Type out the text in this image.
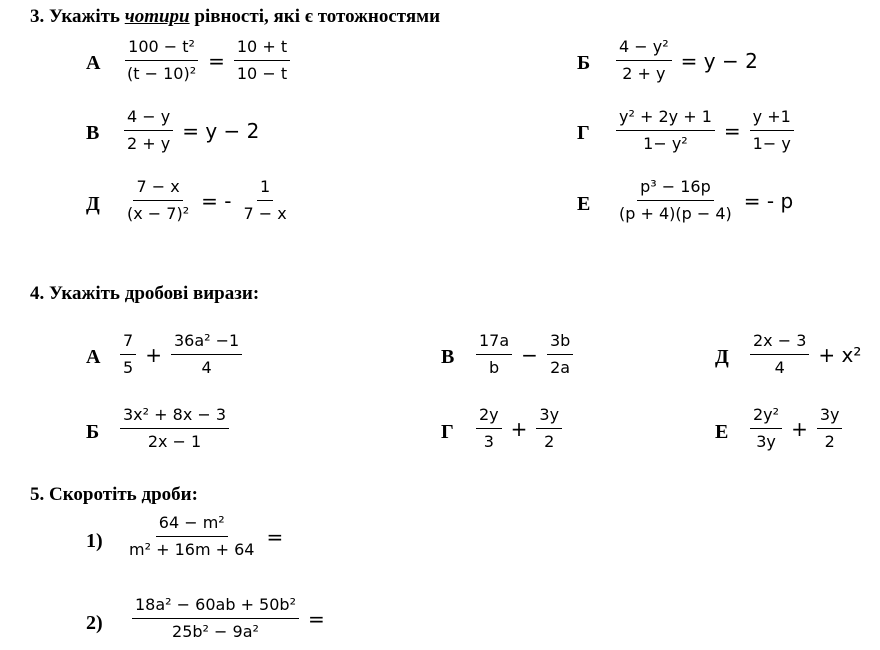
3. Укажіть чотири рівності, які є тотожностями
А $\frac{\text{100 − t²}}{\text{(t − 10)²}} = \frac{10 + t}{10 - t}$	Б $\frac{\text{4 − y²}}{2 + y} = y - 2$
В $\frac{4 - y}{2 + y} = y - 2$	Г $\frac{\text{y² + 2y + 1}}{\text{1− y²}} = \frac{y +1}{1- y}$
Д $\frac{7 - x}{\text{(x − 7)²}}$ = - $\frac{1}{7 - x}$	Е $\frac{\text{p³ − 16p}}{(p + 4)(p - 4)}$ = - p
4. Укажіть дробові вирази:
А $\frac{7}{5} + \frac{\text{36a² −1}}{4}$	В $\frac{17a}{b} - \frac{3b}{2a}$	Д $\frac{2x - 3}{4} + x^2$
Б $\frac{\text{3x² + 8x − 3}}{2x - 1}$	Г $\frac{2y}{3} + \frac{3y}{2}$	Е $\frac{\text{2y²}}{3y} + \frac{3y}{2}$
5. Скоротіть дроби:
$1) \frac{\text{64 − m²}}{\text{m² + 16m + 64}}$ =
$2) \frac{\text{18a² − 60ab + 50b²}}{\text{25b² − 9a²}}$ =
